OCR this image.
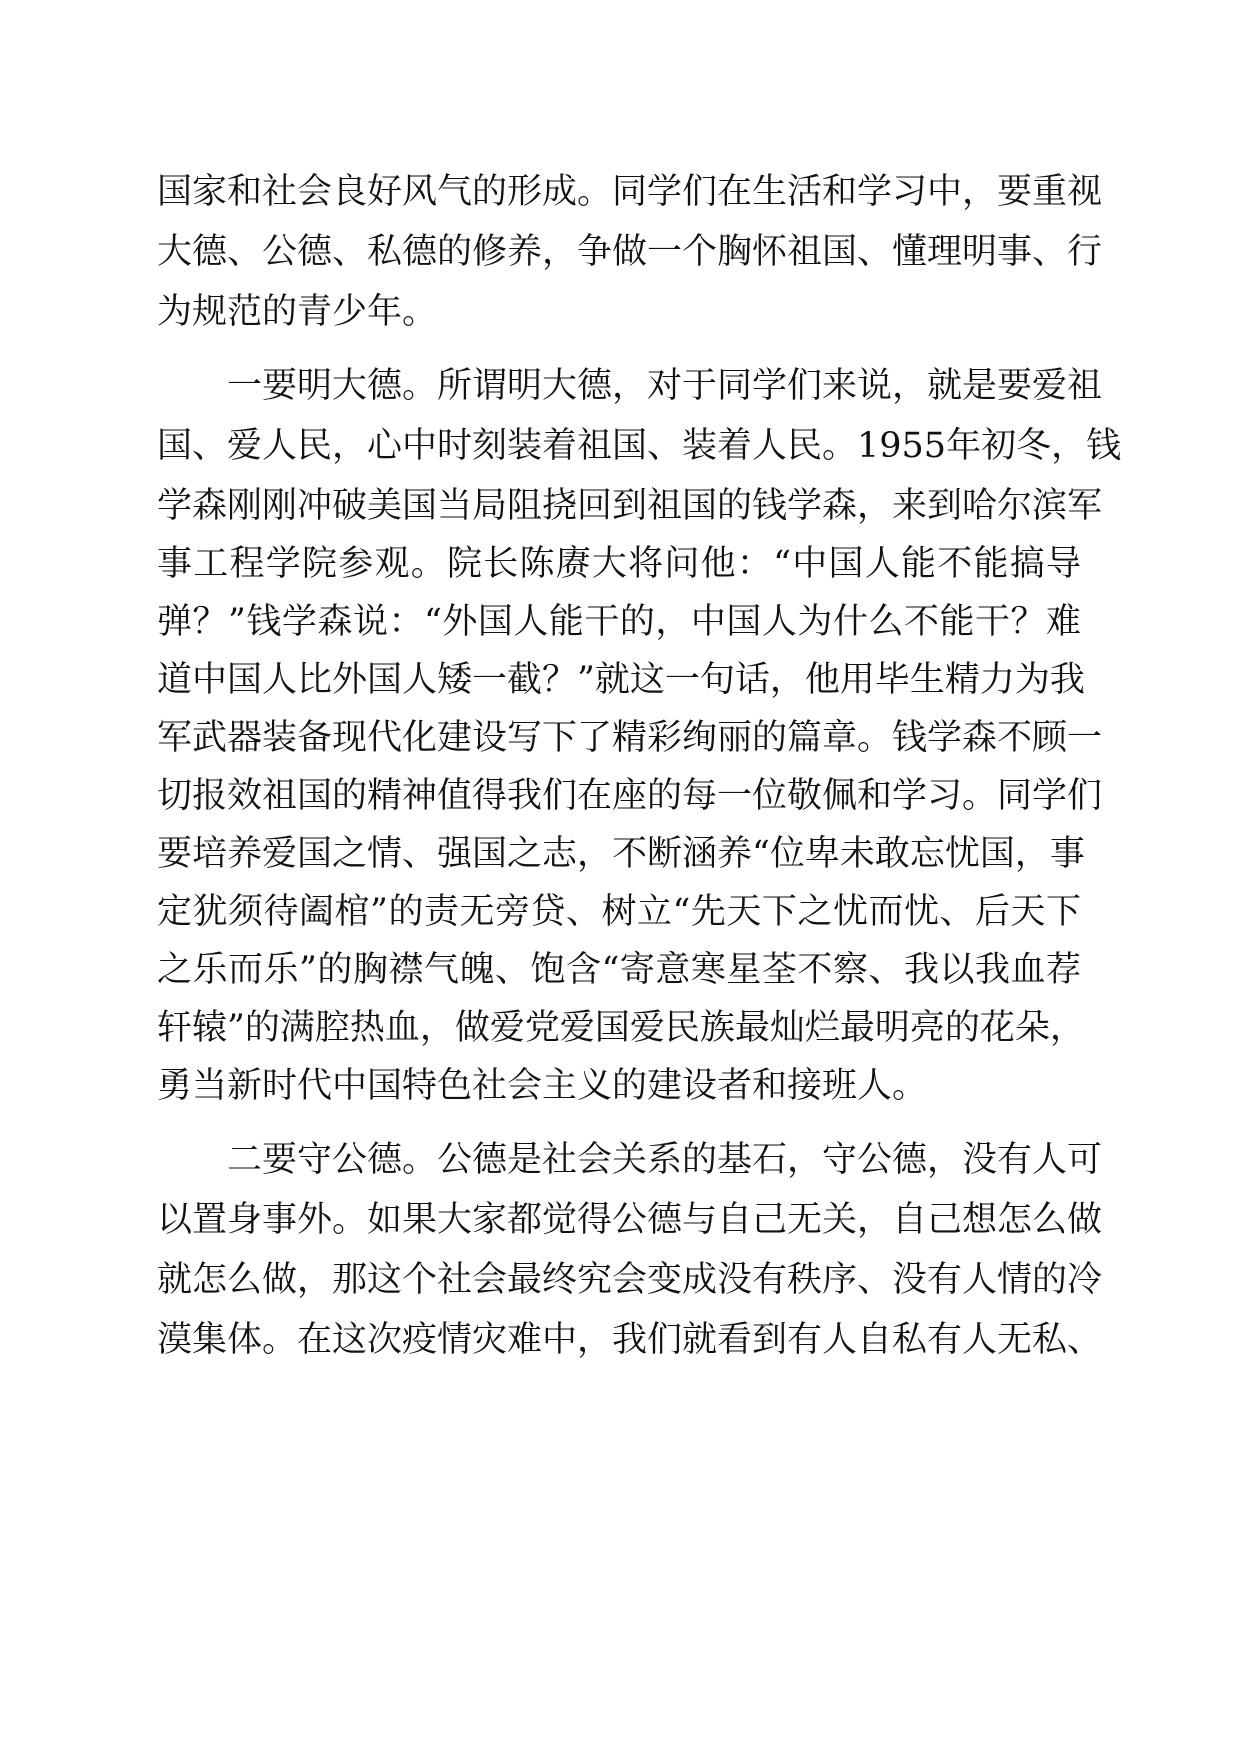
国家和社会良好风气的形成。同学们在生活和学习中，要重视
大德、公德、私德的修养，争做一个胸怀祖国、懂理明事、行
为规范的青少年。
一要明大德。所谓明大德，对于同学们来说，就是要爱祖
国、爱人民，心中时刻装着祖国、装着人民。1955年初冬，钱
学森刚刚冲破美国当局阻挠回到祖国的钱学森，来到哈尔滨军
事工程学院参观。院长陈赓大将问他：“中国人能不能搞导
弹？”钱学森说：“外国人能干的，中国人为什么不能干？难
道中国人比外国人矮一截？”就这一句话，他用毕生精力为我
军武器装备现代化建设写下了精彩绚丽的篇章。钱学森不顾一
切报效祖国的精神值得我们在座的每一位敬佩和学习。同学们
要培养爱国之情、强国之志，不断涵养“位卑未敢忘忧国，事
定犹须待阖棺”的责无旁贷、树立“先天下之忧而忧、后天下
之乐而乐”的胸襟气魄、饱含“寄意寒星荃不察、我以我血荐
轩辕”的满腔热血，做爱党爱国爱民族最灿烂最明亮的花朵，
勇当新时代中国特色社会主义的建设者和接班人。
二要守公德。公德是社会关系的基石，守公德，没有人可
以置身事外。如果大家都觉得公德与自己无关，自己想怎么做
就怎么做，那这个社会最终究会变成没有秩序、没有人情的冷
漠集体。在这次疫情灾难中，我们就看到有人自私有人无私、
